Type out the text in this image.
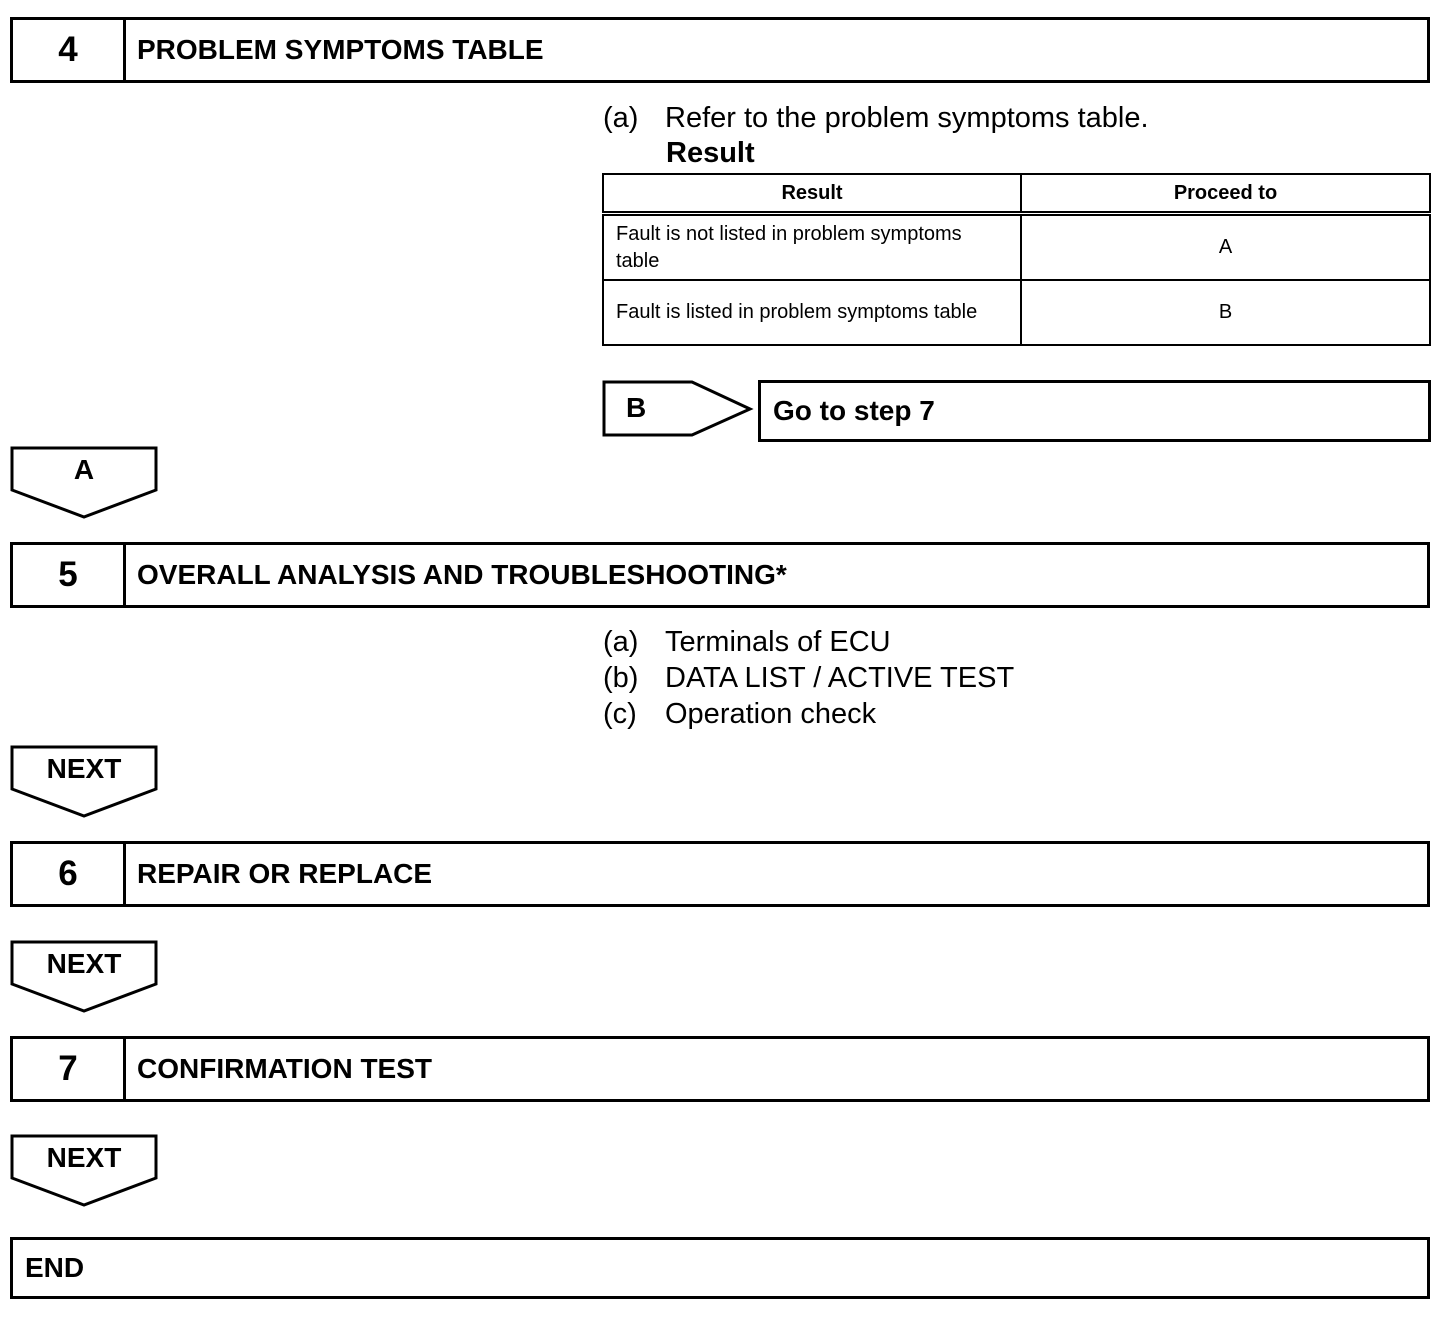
4	PROBLEM SYMPTOMS TABLE
(a) Refer to the problem symptoms table.
Result
Result	Proceed to
Fault is not listed in problem symptoms table	A
Fault is listed in problem symptoms table	B
B	Go to step 7
A
5	OVERALL ANALYSIS AND TROUBLESHOOTING*
(a) Terminals of ECU
(b) DATA LIST / ACTIVE TEST
(c) Operation check
NEXT
6	REPAIR OR REPLACE
NEXT
7	CONFIRMATION TEST
NEXT
END
